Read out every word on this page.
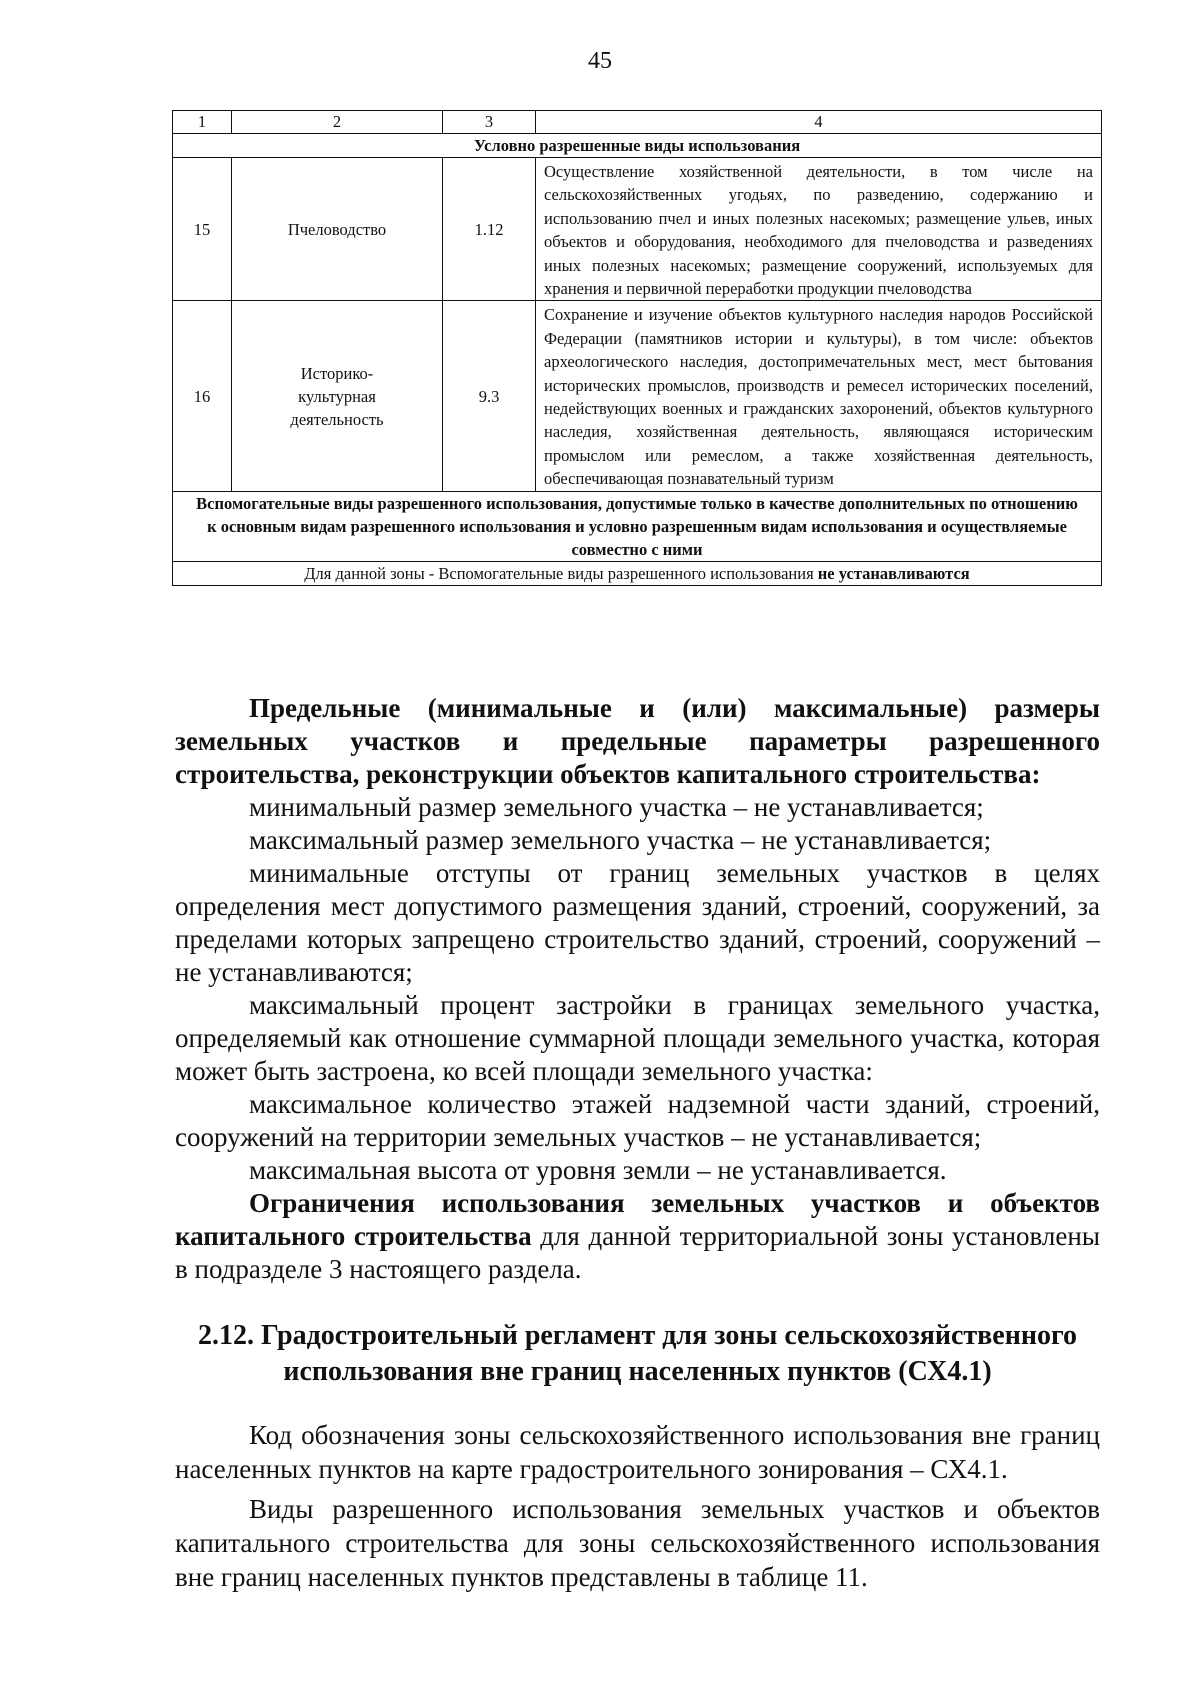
45
1	2	3	4
Условно разрешенные виды использования			
15	Пчеловодство	1.12	Осуществление хозяйственной деятельности, в том числе на сельскохозяйственных угодьях, по разведению, содержанию и использованию пчел и иных полезных насекомых; размещение ульев, иных объектов и оборудования, необходимого для пчеловодства и разведениях иных полезных насекомых; размещение сооружений, используемых для хранения и первичной переработки продукции пчеловодства
16	Историко-культурная деятельность	9.3	Сохранение и изучение объектов культурного наследия народов Российской Федерации (памятников истории и культуры), в том числе: объектов археологического наследия, достопримечательных мест, мест бытования исторических промыслов, производств и ремесел исторических поселений, недействующих военных и гражданских захоронений, объектов культурного наследия, хозяйственная деятельность, являющаяся историческим промыслом или ремеслом, а также хозяйственная деятельность, обеспечивающая познавательный туризм
Вспомогательные виды разрешенного использования, допустимые только в качестве дополнительных по отношению к основным видам разрешенного использования и условно разрешенным видам использования и осуществляемые совместно с ними			
Для данной зоны - Вспомогательные виды разрешенного использования не устанавливаются			

Предельные (минимальные и (или) максимальные) размеры земельных участков и предельные параметры разрешенного строительства, реконструкции объектов капитального строительства:

минимальный размер земельного участка – не устанавливается;

максимальный размер земельного участка – не устанавливается;

минимальные отступы от границ земельных участков в целях определения мест допустимого размещения зданий, строений, сооружений, за пределами которых запрещено строительство зданий, строений, сооружений – не устанавливаются;

максимальный процент застройки в границах земельного участка, определяемый как отношение суммарной площади земельного участка, которая может быть застроена, ко всей площади земельного участка:

максимальное количество этажей надземной части зданий, строений, сооружений на территории земельных участков – не устанавливается;

максимальная высота от уровня земли – не устанавливается.

Ограничения использования земельных участков и объектов капитального строительства для данной территориальной зоны установлены в подразделе 3 настоящего раздела.

2.12. Градостроительный регламент для зоны сельскохозяйственного использования вне границ населенных пунктов (СХ4.1)

Код обозначения зоны сельскохозяйственного использования вне границ населенных пунктов на карте градостроительного зонирования – СХ4.1.

Виды разрешенного использования земельных участков и объектов капитального строительства для зоны сельскохозяйственного использования вне границ населенных пунктов представлены в таблице 11.
